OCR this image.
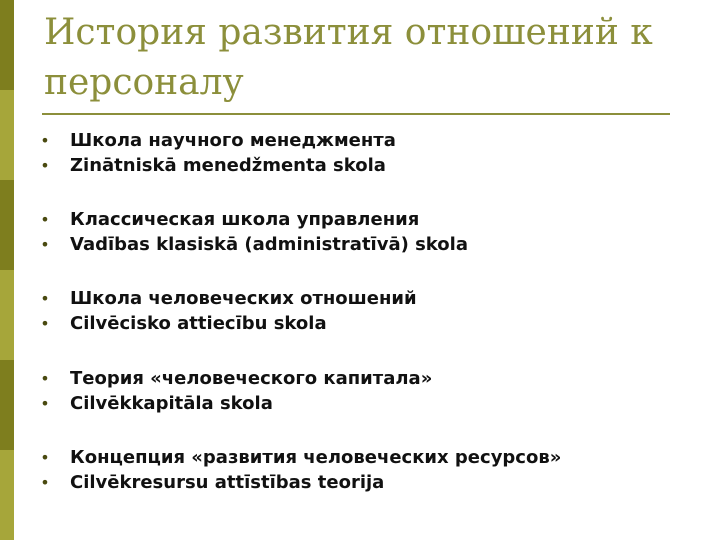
История развития отношений к персоналу
• Школа научного менеджмента
• Zinātniskā menedžmenta skola
• Классическая школа управления
• Vadības klasiskā (administratīvā) skola
• Школа человеческих отношений
• Cilvēcisko attiecību skola
• Теория «человеческого капитала»
• Cilvēkkapitāla skola
• Концепция «развития человеческих ресурсов»
• Cilvēkresursu attīstības teorija
